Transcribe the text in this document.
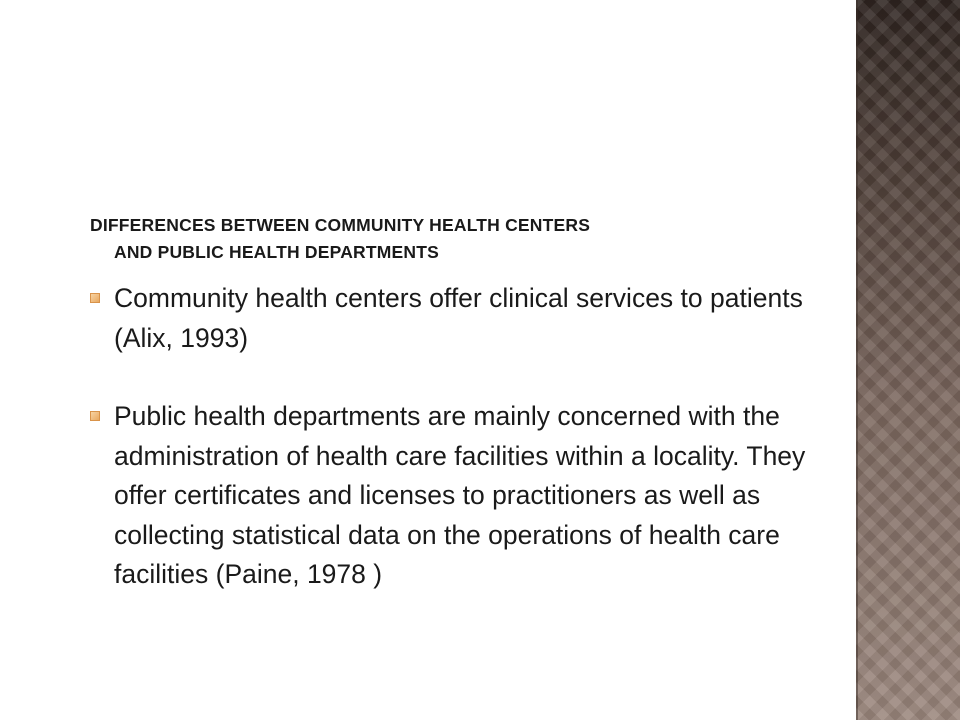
DIFFERENCES BETWEEN COMMUNITY HEALTH CENTERS
AND PUBLIC HEALTH DEPARTMENTS
Community health centers offer clinical services to patients (Alix, 1993)
Public health departments are mainly concerned with the administration of health care facilities within a locality. They offer certificates and licenses to practitioners as well as collecting statistical data on the operations of health care facilities (Paine, 1978 )
